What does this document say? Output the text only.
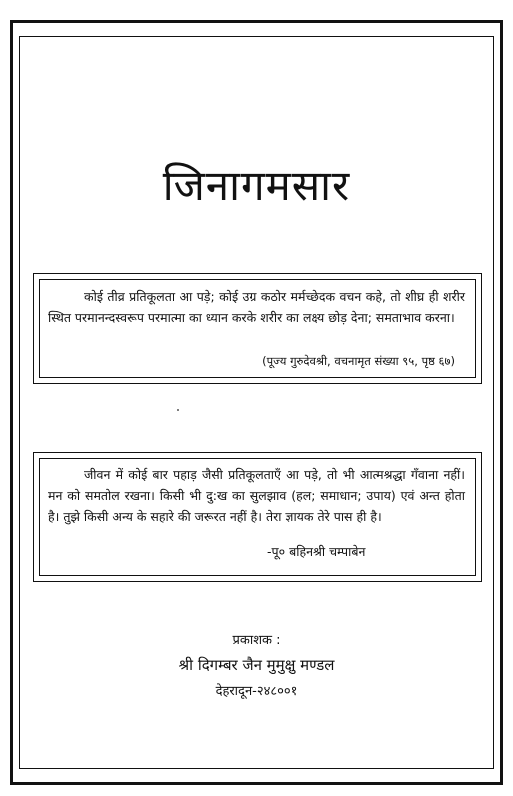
जिनागमसार
कोई तीव्र प्रतिकूलता आ पड़े; कोई उग्र कठोर मर्मच्छेदक वचन कहे, तो शीघ्र ही शरीर स्थित परमानन्दस्वरूप परमात्मा का ध्यान करके शरीर का लक्ष्य छोड़ देना; समताभाव करना।
(पूज्य गुरुदेवश्री, वचनामृत संख्या ९५, पृष्ठ ६७)
जीवन में कोई बार पहाड़ जैसी प्रतिकूलताएँ आ पड़े, तो भी आत्मश्रद्धा गँवाना नहीं। मन को समतोल रखना। किसी भी दु:ख का सुलझाव (हल; समाधान; उपाय) एवं अन्त होता है। तुझे किसी अन्य के सहारे की जरूरत नहीं है। तेरा ज्ञायक तेरे पास ही है।
-पू० बहिनश्री चम्पाबेन
प्रकाशक :
श्री दिगम्बर जैन मुमुक्षु मण्डल
देहरादून-२४८००१
